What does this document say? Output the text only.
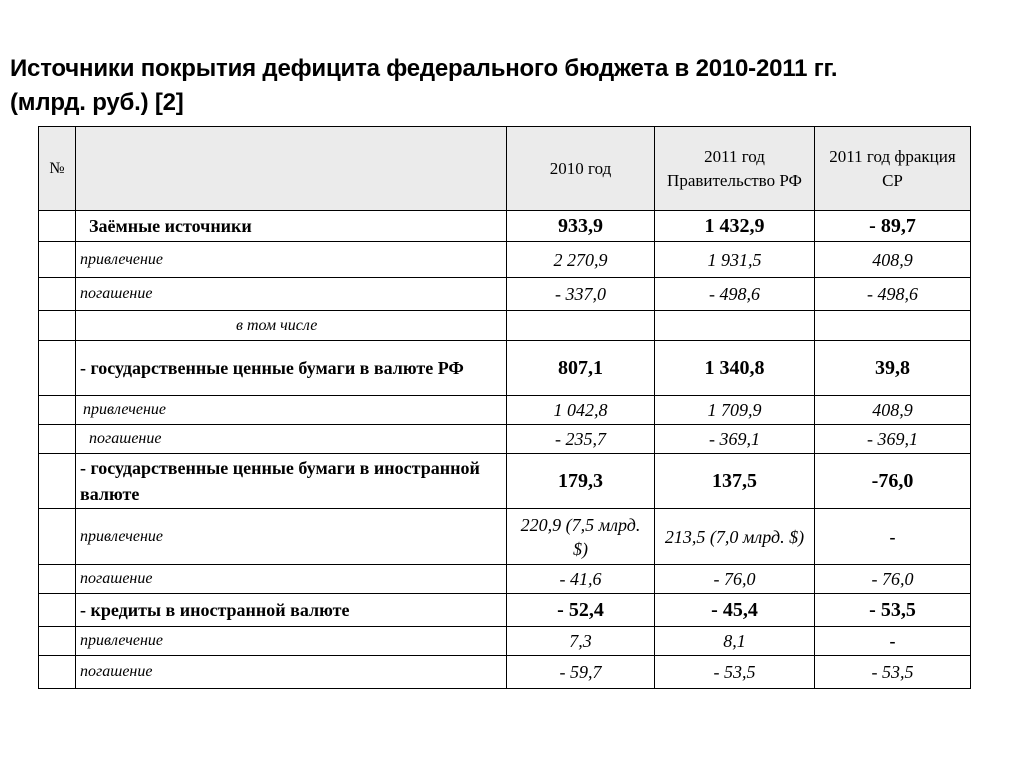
Источники покрытия дефицита федерального бюджета в 2010-2011 гг.
(млрд. руб.) [2]
№		2010 год	2011 год Правительство РФ	2011 год фракция СР
	Заёмные источники	933,9	1 432,9	- 89,7
	привлечение	2 270,9	1 931,5	408,9
	погашение	- 337,0	- 498,6	- 498,6
	в том числе			
	- государственные ценные бумаги в валюте РФ	807,1	1 340,8	39,8
	привлечение	1 042,8	1 709,9	408,9
	погашение	- 235,7	- 369,1	- 369,1
	- государственные ценные бумаги в иностранной валюте	179,3	137,5	-76,0
	привлечение	220,9 (7,5 млрд. $)	213,5 (7,0 млрд. $)	-
	погашение	- 41,6	- 76,0	- 76,0
	- кредиты в иностранной валюте	- 52,4	- 45,4	- 53,5
	привлечение	7,3	8,1	-
	погашение	- 59,7	- 53,5	- 53,5
